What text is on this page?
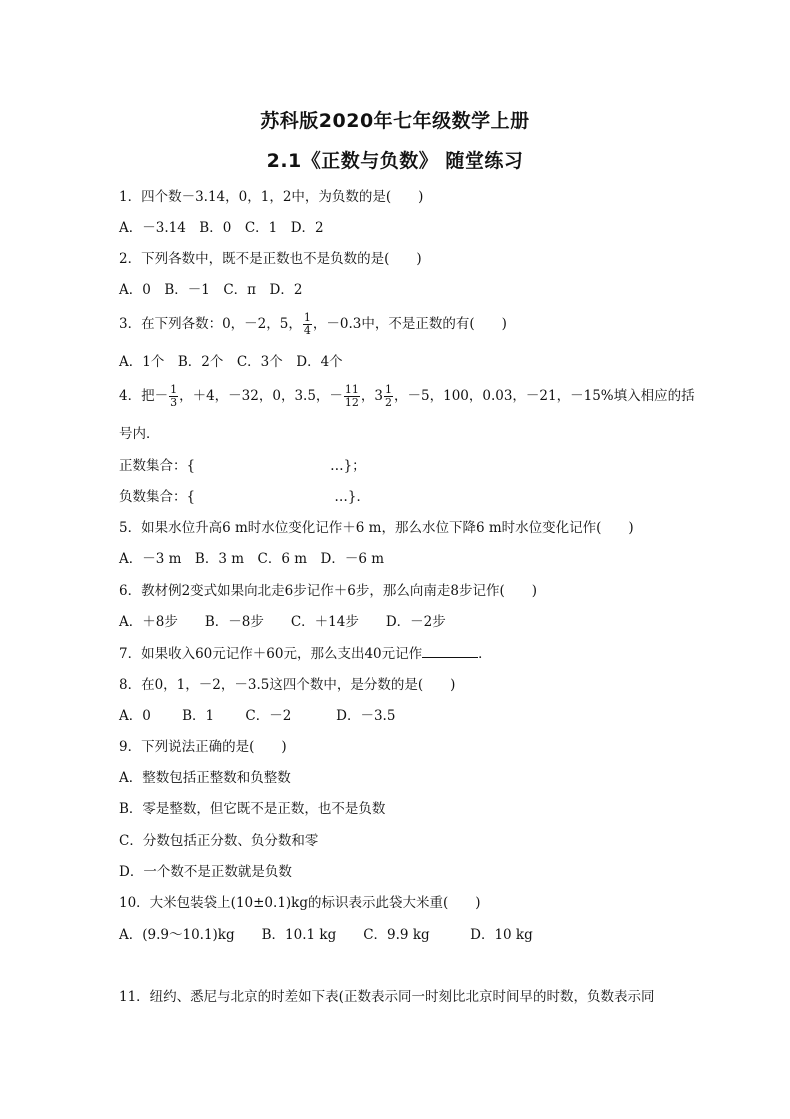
苏科版2020年七年级数学上册
2.1《正数与负数》 随堂练习
1．四个数－3.14，0，1，2中，为负数的是(　　)
A．－3.14　B．0　C．1　D．2
2．下列各数中，既不是正数也不是负数的是(　　)
A．0　B．－1　C．π　D．2
3．在下列各数：0，－2，5， $\frac{1}{4}$ ，－0.3中，不是正数的有(　　)
A．1个　B．2个　C．3个　D．4个
4．把－ $\frac{1}{3}$ ，＋4，－32，0，3.5，－ $\frac{11}{12}$ ，$3 \frac{1}{2}$ ，－5，100，0.03，－21，－15%填入相应的括
号内．
正数集合：{　　　　　　　　　　…}；
负数集合：{　　　　　　　　　　 …}．
5．如果水位升高6 m时水位变化记作＋6 m，那么水位下降6 m时水位变化记作(　　)
A．－3 m　B．3 m　C．6 m　D．－6 m
6．教材例2变式如果向北走6步记作＋6步，那么向南走8步记作(　　)
A．＋8步　　B．－8步　　C．＋14步　　D．－2步
7．如果收入60元记作＋60元，那么支出40元记作	．
8．在0，1，－2，－3.5这四个数中，是分数的是(　　)
A．0　　 B．1　　 C．－2　　　 D．－3.5
9．下列说法正确的是(　　)
A．整数包括正整数和负整数
B．零是整数，但它既不是正数，也不是负数
C．分数包括正分数、负分数和零
D．一个数不是正数就是负数
10．大米包装袋上(10±0.1)kg的标识表示此袋大米重(　　)
A．(9.9～10.1)kg　　B．10.1 kg　　C．9.9 kg　　　D．10 kg
11．纽约、悉尼与北京的时差如下表(正数表示同一时刻比北京时间早的时数，负数表示同
